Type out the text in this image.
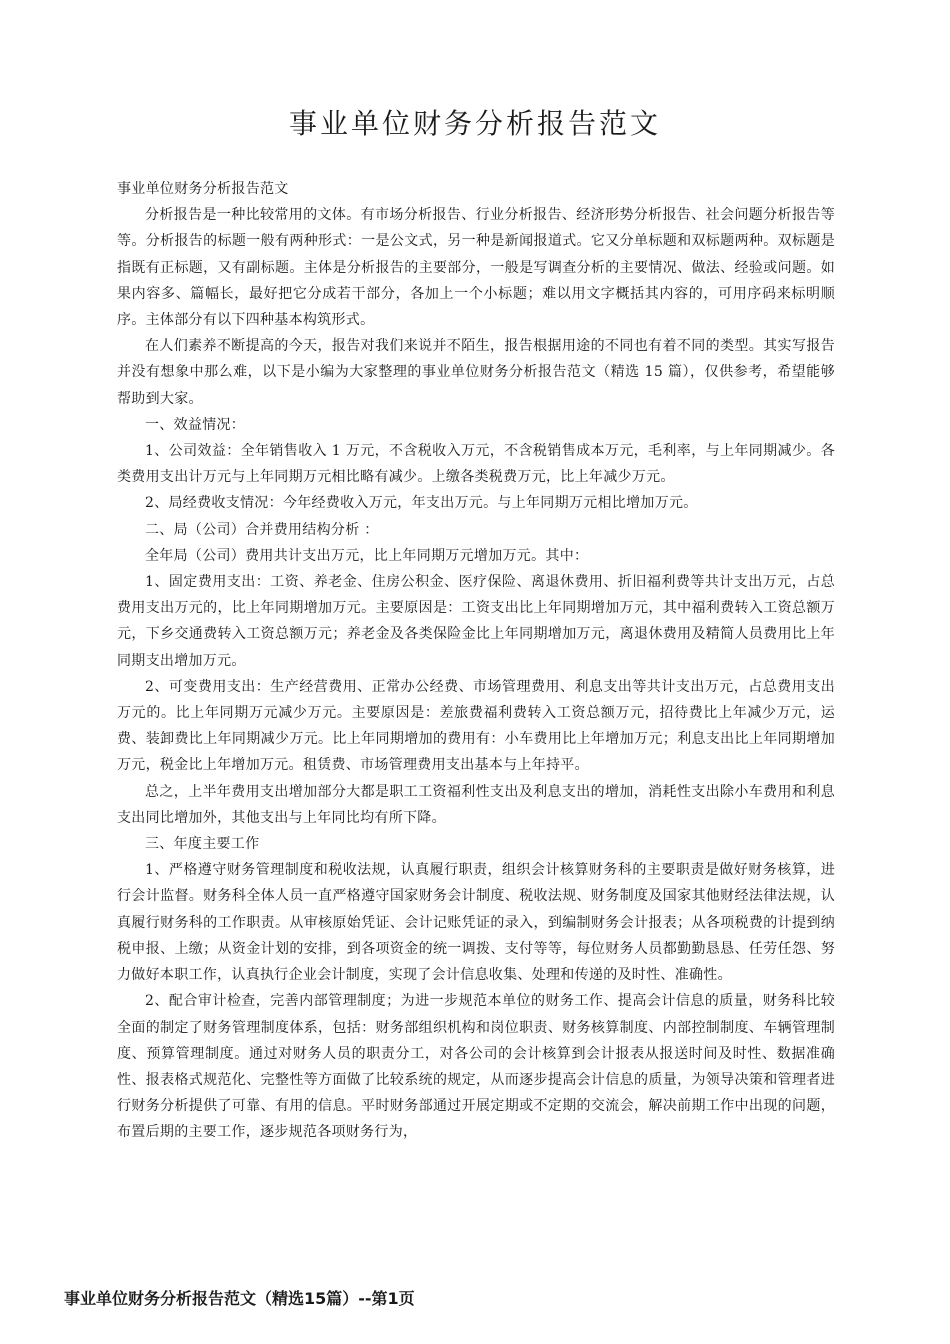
事业单位财务分析报告范文

事业单位财务分析报告范文

分析报告是一种比较常用的文体。有市场分析报告、行业分析报告、经济形势分析报告、社会问题分析报告等等。分析报告的标题一般有两种形式：一是公文式，另一种是新闻报道式。它又分单标题和双标题两种。双标题是指既有正标题，又有副标题。主体是分析报告的主要部分，一般是写调查分析的主要情况、做法、经验或问题。如果内容多、篇幅长，最好把它分成若干部分，各加上一个小标题；难以用文字概括其内容的，可用序码来标明顺序。主体部分有以下四种基本构筑形式。

在人们素养不断提高的今天，报告对我们来说并不陌生，报告根据用途的不同也有着不同的类型。其实写报告并没有想象中那么难，以下是小编为大家整理的事业单位财务分析报告范文（精选 15 篇），仅供参考，希望能够帮助到大家。

一、效益情况：

1、公司效益：全年销售收入 1 万元，不含税收入万元，不含税销售成本万元，毛利率，与上年同期减少。各类费用支出计万元与上年同期万元相比略有减少。上缴各类税费万元，比上年减少万元。

2、局经费收支情况：今年经费收入万元，年支出万元。与上年同期万元相比增加万元。

二、局（公司）合并费用结构分析 ：

全年局（公司）费用共计支出万元，比上年同期万元增加万元。其中：

1、固定费用支出：工资、养老金、住房公积金、医疗保险、离退休费用、折旧福利费等共计支出万元，占总费用支出万元的，比上年同期增加万元。主要原因是：工资支出比上年同期增加万元，其中福利费转入工资总额万元，下乡交通费转入工资总额万元；养老金及各类保险金比上年同期增加万元，离退休费用及精简人员费用比上年同期支出增加万元。

2、可变费用支出：生产经营费用、正常办公经费、市场管理费用、利息支出等共计支出万元，占总费用支出万元的。比上年同期万元减少万元。主要原因是：差旅费福利费转入工资总额万元，招待费比上年减少万元，运费、装卸费比上年同期减少万元。比上年同期增加的费用有：小车费用比上年增加万元；利息支出比上年同期增加万元，税金比上年增加万元。租赁费、市场管理费用支出基本与上年持平。

总之，上半年费用支出增加部分大都是职工工资福利性支出及利息支出的增加，消耗性支出除小车费用和利息支出同比增加外，其他支出与上年同比均有所下降。

三、年度主要工作

1、严格遵守财务管理制度和税收法规，认真履行职责，组织会计核算财务科的主要职责是做好财务核算，进行会计监督。财务科全体人员一直严格遵守国家财务会计制度、税收法规、财务制度及国家其他财经法律法规，认真履行财务科的工作职责。从审核原始凭证、会计记账凭证的录入，到编制财务会计报表；从各项税费的计提到纳税申报、上缴；从资金计划的安排，到各项资金的统一调拨、支付等等，每位财务人员都勤勤恳恳、任劳任怨、努力做好本职工作，认真执行企业会计制度，实现了会计信息收集、处理和传递的及时性、准确性。

2、配合审计检查，完善内部管理制度；为进一步规范本单位的财务工作、提高会计信息的质量，财务科比较全面的制定了财务管理制度体系，包括：财务部组织机构和岗位职责、财务核算制度、内部控制制度、车辆管理制度、预算管理制度。通过对财务人员的职责分工，对各公司的会计核算到会计报表从报送时间及时性、数据准确性、报表格式规范化、完整性等方面做了比较系统的规定，从而逐步提高会计信息的质量，为领导决策和管理者进行财务分析提供了可靠、有用的信息。平时财务部通过开展定期或不定期的交流会，解决前期工作中出现的问题，布置后期的主要工作，逐步规范各项财务行为，

事业单位财务分析报告范文（精选15篇）--第1页
